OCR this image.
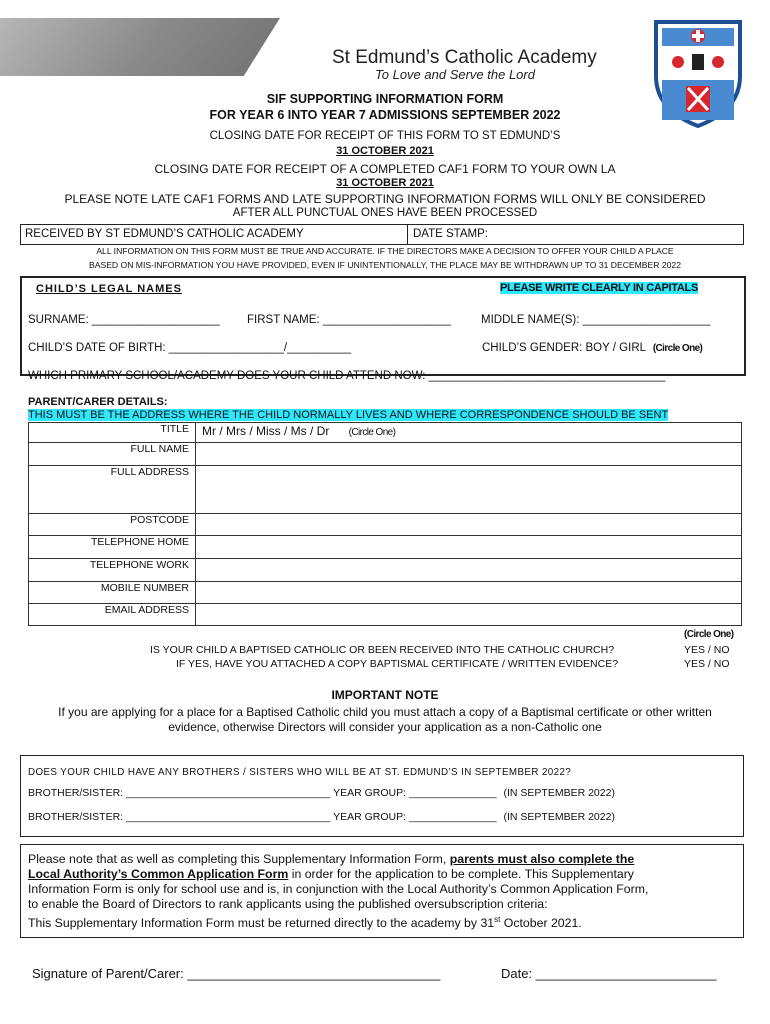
St Edmund’s Catholic Academy
To Love and Serve the Lord
SIF SUPPORTING INFORMATION FORM
FOR YEAR 6 INTO YEAR 7 ADMISSIONS SEPTEMBER 2022
CLOSING DATE FOR RECEIPT OF THIS FORM TO ST EDMUND’S
31 OCTOBER 2021
CLOSING DATE FOR RECEIPT OF A COMPLETED CAF1 FORM TO YOUR OWN LA
31 OCTOBER 2021
PLEASE NOTE LATE CAF1 FORMS AND LATE SUPPORTING INFORMATION FORMS WILL ONLY BE CONSIDERED
AFTER ALL PUNCTUAL ONES HAVE BEEN PROCESSED
RECEIVED BY ST EDMUND’S CATHOLIC ACADEMY	DATE STAMP:
ALL INFORMATION ON THIS FORM MUST BE TRUE AND ACCURATE. IF THE DIRECTORS MAKE A DECISION TO OFFER YOUR CHILD A PLACE
BASED ON MIS-INFORMATION YOU HAVE PROVIDED, EVEN IF UNINTENTIONALLY, THE PLACE MAY BE WITHDRAWN UP TO 31 DECEMBER 2022
CHILD’S LEGAL NAMES	PLEASE WRITE CLEARLY IN CAPITALS
SURNAME: ____________________ FIRST NAME: ____________________	MIDDLE NAME(S): ____________________
CHILD’S DATE OF BIRTH: __________________/__________	CHILD’S GENDER: BOY / GIRL (Circle One)
WHICH PRIMARY SCHOOL/ACADEMY DOES YOUR CHILD ATTEND NOW: _____________________________________
PARENT/CARER DETAILS:
THIS MUST BE THE ADDRESS WHERE THE CHILD NORMALLY LIVES AND WHERE CORRESPONDENCE SHOULD BE SENT
TITLE	Mr / Mrs / Miss / Ms / Dr (Circle One)
FULL NAME	
FULL ADDRESS	
POSTCODE	
TELEPHONE HOME	
TELEPHONE WORK	
MOBILE NUMBER	
EMAIL ADDRESS	
(Circle One)
IS YOUR CHILD A BAPTISED CATHOLIC OR BEEN RECEIVED INTO THE CATHOLIC CHURCH?	YES / NO
IF YES, HAVE YOU ATTACHED A COPY BAPTISMAL CERTIFICATE / WRITTEN EVIDENCE?	YES / NO
IMPORTANT NOTE
If you are applying for a place for a Baptised Catholic child you must attach a copy of a Baptismal certificate or other written
evidence, otherwise Directors will consider your application as a non-Catholic one
DOES YOUR CHILD HAVE ANY BROTHERS / SISTERS WHO WILL BE AT ST. EDMUND’S IN SEPTEMBER 2022?
BROTHER/SISTER: ___________________________________ YEAR GROUP: _______________ (IN SEPTEMBER 2022)
BROTHER/SISTER: ___________________________________ YEAR GROUP: _______________ (IN SEPTEMBER 2022)
Please note that as well as completing this Supplementary Information Form, parents must also complete the
Local Authority’s Common Application Form in order for the application to be complete. This Supplementary
Information Form is only for school use and is, in conjunction with the Local Authority’s Common Application Form,
to enable the Board of Directors to rank applicants using the published oversubscription criteria:
This Supplementary Information Form must be returned directly to the academy by 31st October 2021.
Signature of Parent/Carer: ___________________________________	Date: _________________________
